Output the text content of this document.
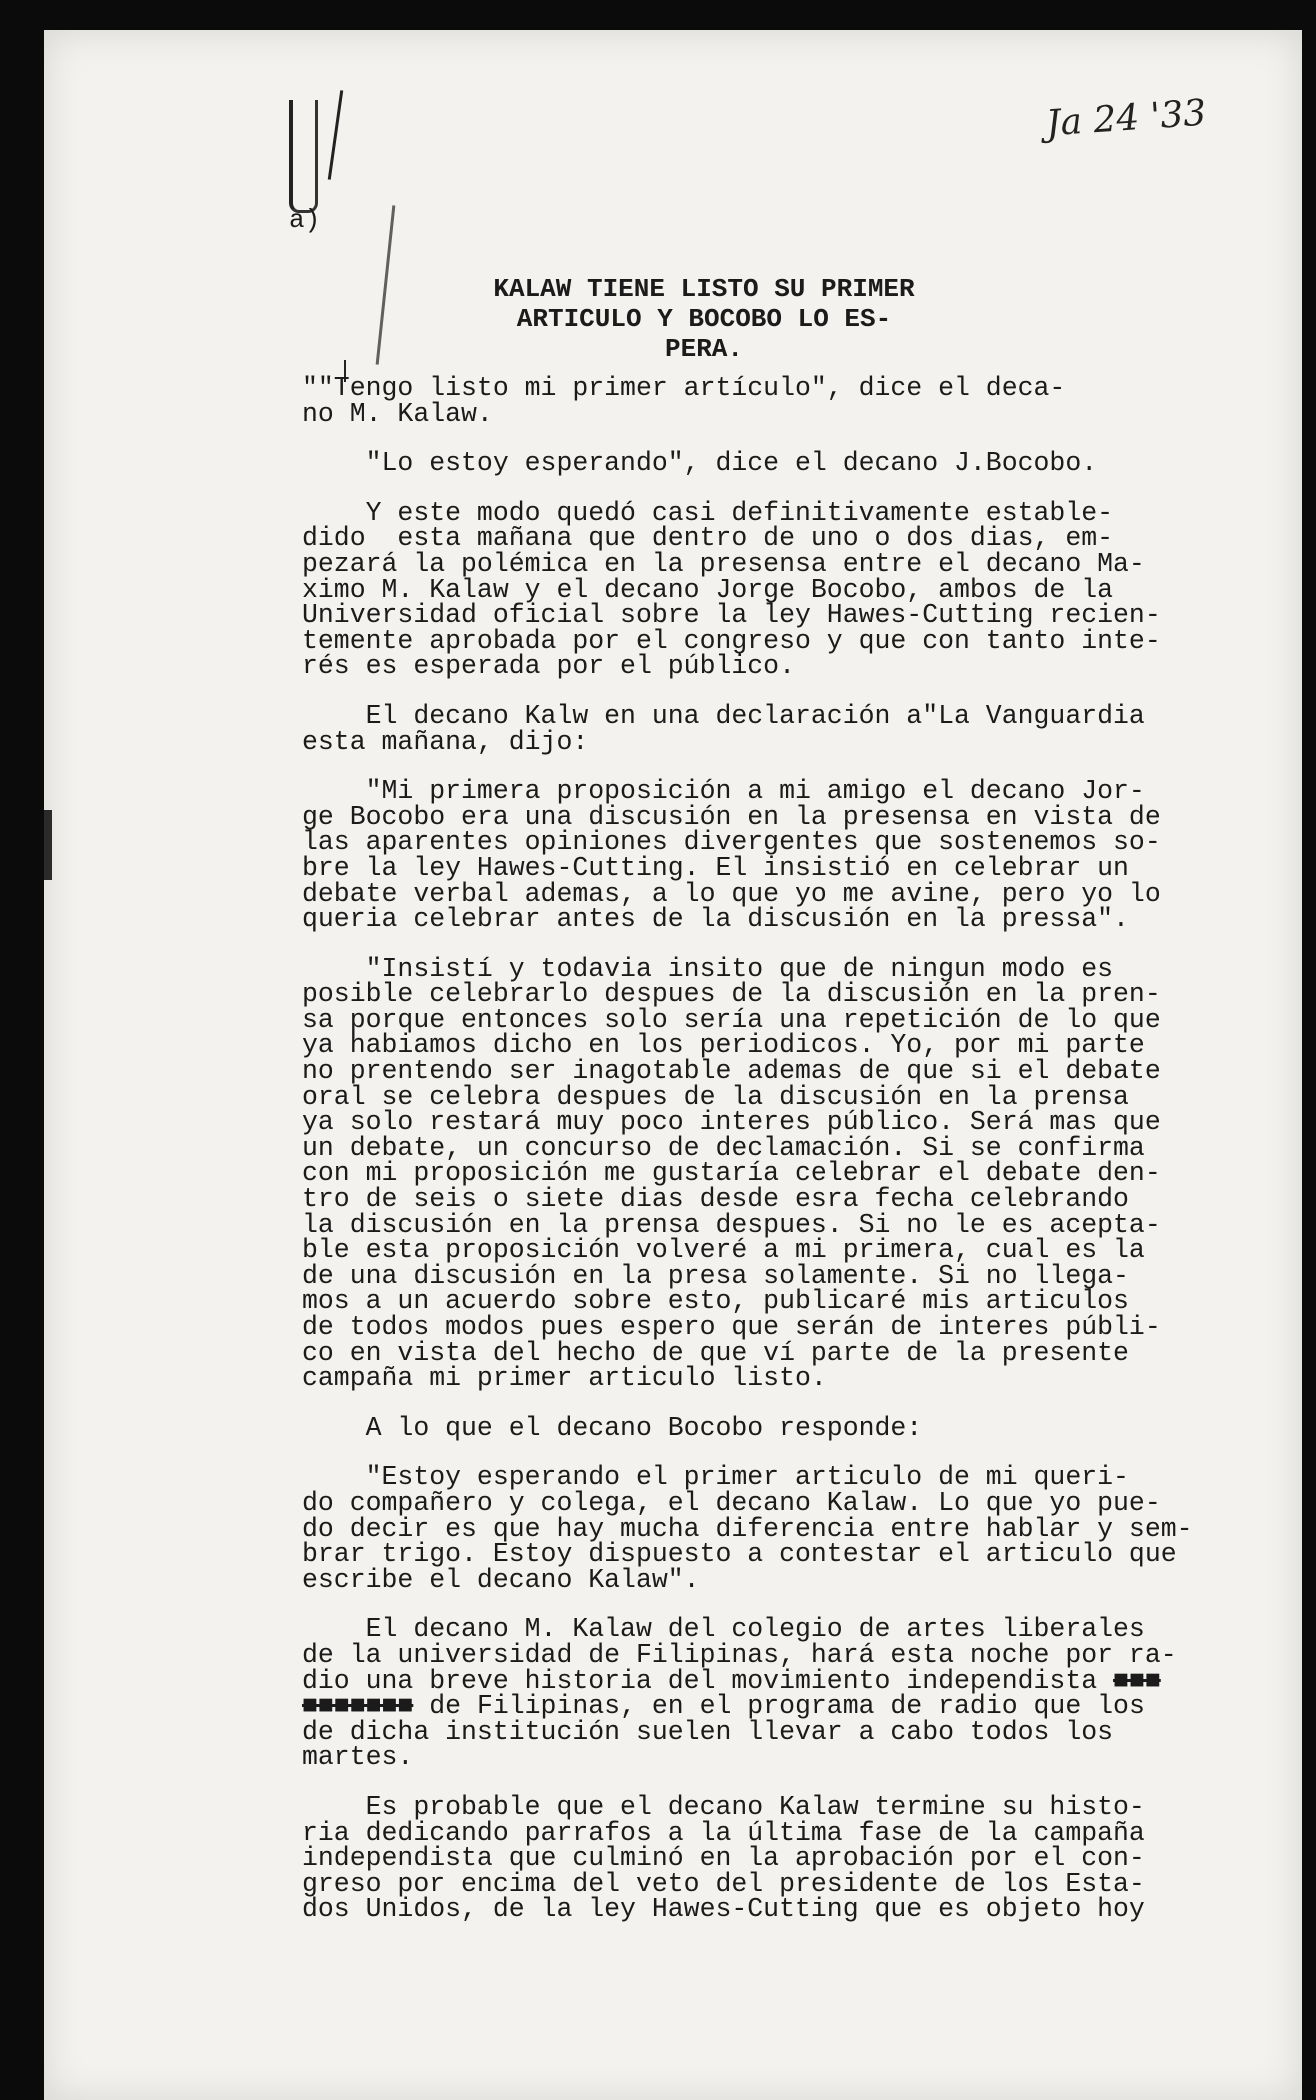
Ja 24 '33
a)
KALAW TIENE LISTO SU PRIMER
ARTICULO Y BOCOBO LO ES-
PERA.

""Tengo listo mi primer artículo", dice el deca-
no M. Kalaw.

"Lo estoy esperando", dice el decano J.Bocobo.

Y este modo quedó casi definitivamente estable-
dido  esta mañana que dentro de uno o dos dias, em-
pezará la polémica en la presensa entre el decano Ma-
ximo M. Kalaw y el decano Jorge Bocobo, ambos de la
Universidad oficial sobre la ley Hawes-Cutting recien-
temente aprobada por el congreso y que con tanto inte-
rés es esperada por el público.

El decano Kalw en una declaración a"La Vanguardia
esta mañana, dijo:

"Mi primera proposición a mi amigo el decano Jor-
ge Bocobo era una discusión en la presensa en vista de
las aparentes opiniones divergentes que sostenemos so-
bre la ley Hawes-Cutting. El insistió en celebrar un
debate verbal ademas, a lo que yo me avine, pero yo lo
queria celebrar antes de la discusión en la pressa".

"Insistí y todavia insito que de ningun modo es
posible celebrarlo despues de la discusión en la pren-
sa porque entonces solo sería una repetición de lo que
ya habiamos dicho en los periodicos. Yo, por mi parte
no prentendo ser inagotable ademas de que si el debate
oral se celebra despues de la discusión en la prensa
ya solo restará muy poco interes público. Será mas que
un debate, un concurso de declamación. Si se confirma
con mi proposición me gustaría celebrar el debate den-
tro de seis o siete dias desde esra fecha celebrando
la discusión en la prensa despues. Si no le es acepta-
ble esta proposición volveré a mi primera, cual es la
de una discusión en la presa solamente. Si no llega-
mos a un acuerdo sobre esto, publicaré mis articulos
de todos modos pues espero que serán de interes públi-
co en vista del hecho de que ví parte de la presente
campaña mi primer articulo listo.

A lo que el decano Bocobo responde:

"Estoy esperando el primer articulo de mi queri-
do compañero y colega, el decano Kalaw. Lo que yo pue-
do decir es que hay mucha diferencia entre hablar y sem-
brar trigo. Estoy dispuesto a contestar el articulo que
escribe el decano Kalaw".

El decano M. Kalaw del colegio de artes liberales
de la universidad de Filipinas, hará esta noche por ra-
dio una breve historia del movimiento independista ■■■
■■■■■■■ de Filipinas, en el programa de radio que los
de dicha institución suelen llevar a cabo todos los
martes.

Es probable que el decano Kalaw termine su histo-
ria dedicando parrafos a la última fase de la campaña
independista que culminó en la aprobación por el con-
greso por encima del veto del presidente de los Esta-
dos Unidos, de la ley Hawes-Cutting que es objeto hoy
